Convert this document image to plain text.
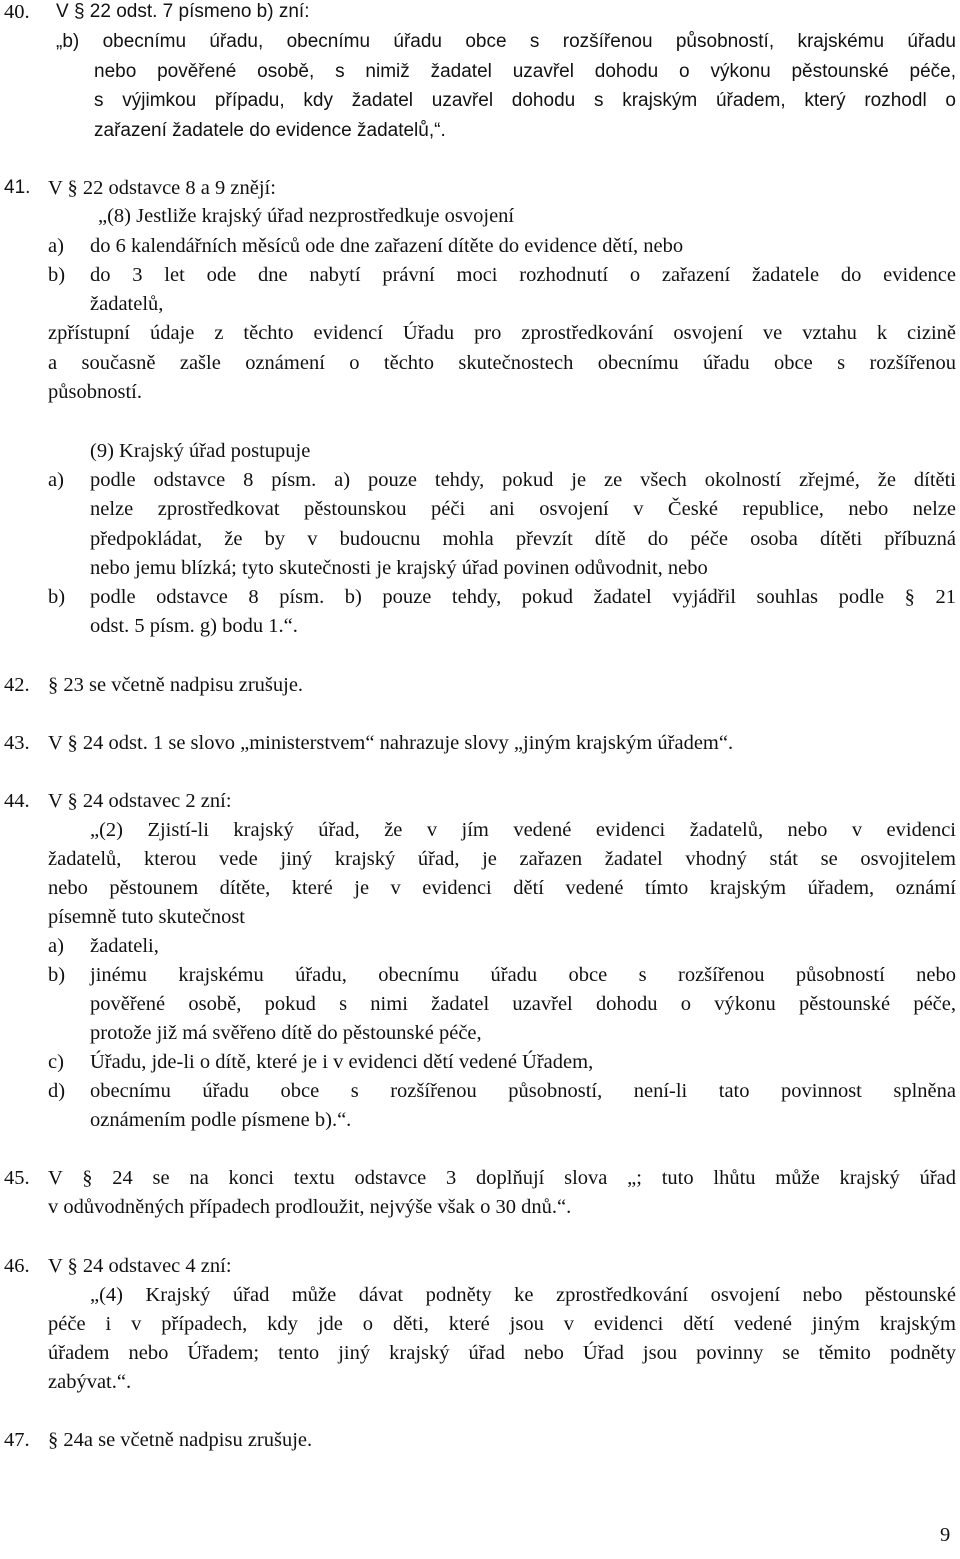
40. V § 22 odst. 7 písmeno b) zní:
„b) obecnímu úřadu, obecnímu úřadu obce s rozšířenou působností, krajskému úřadu
nebo pověřené osobě, s nimiž žadatel uzavřel dohodu o výkonu pěstounské péče,
s výjimkou případu, kdy žadatel uzavřel dohodu s krajským úřadem, který rozhodl o
zařazení žadatele do evidence žadatelů,“.
41. V § 22 odstavce 8 a 9 znějí:
„(8) Jestliže krajský úřad nezprostředkuje osvojení
a) do 6 kalendářních měsíců ode dne zařazení dítěte do evidence dětí, nebo
b) do 3 let ode dne nabytí právní moci rozhodnutí o zařazení žadatele do evidence
žadatelů,
zpřístupní údaje z těchto evidencí Úřadu pro zprostředkování osvojení ve vztahu k cizině
a současně zašle oznámení o těchto skutečnostech obecnímu úřadu obce s rozšířenou
působností.
(9) Krajský úřad postupuje
a) podle odstavce 8 písm. a) pouze tehdy, pokud je ze všech okolností zřejmé, že dítěti
nelze zprostředkovat pěstounskou péči ani osvojení v České republice, nebo nelze
předpokládat, že by v budoucnu mohla převzít dítě do péče osoba dítěti příbuzná
nebo jemu blízká; tyto skutečnosti je krajský úřad povinen odůvodnit, nebo
b) podle odstavce 8 písm. b) pouze tehdy, pokud žadatel vyjádřil souhlas podle § 21
odst. 5 písm. g) bodu 1.“.
42. § 23 se včetně nadpisu zrušuje.
43. V § 24 odst. 1 se slovo „ministerstvem“ nahrazuje slovy „jiným krajským úřadem“.
44. V § 24 odstavec 2 zní:
„(2) Zjistí-li krajský úřad, že v jím vedené evidenci žadatelů, nebo v evidenci
žadatelů, kterou vede jiný krajský úřad, je zařazen žadatel vhodný stát se osvojitelem
nebo pěstounem dítěte, které je v evidenci dětí vedené tímto krajským úřadem, oznámí
písemně tuto skutečnost
a) žadateli,
b) jinému krajskému úřadu, obecnímu úřadu obce s rozšířenou působností nebo
pověřené osobě, pokud s nimi žadatel uzavřel dohodu o výkonu pěstounské péče,
protože již má svěřeno dítě do pěstounské péče,
c) Úřadu, jde-li o dítě, které je i v evidenci dětí vedené Úřadem,
d) obecnímu úřadu obce s rozšířenou působností, není-li tato povinnost splněna
oznámením podle písmene b).“.
45. V § 24 se na konci textu odstavce 3 doplňují slova „; tuto lhůtu může krajský úřad
v odůvodněných případech prodloužit, nejvýše však o 30 dnů.“.
46. V § 24 odstavec 4 zní:
„(4) Krajský úřad může dávat podněty ke zprostředkování osvojení nebo pěstounské
péče i v případech, kdy jde o děti, které jsou v evidenci dětí vedené jiným krajským
úřadem nebo Úřadem; tento jiný krajský úřad nebo Úřad jsou povinny se těmito podněty
zabývat.“.
47. § 24a se včetně nadpisu zrušuje.
9
